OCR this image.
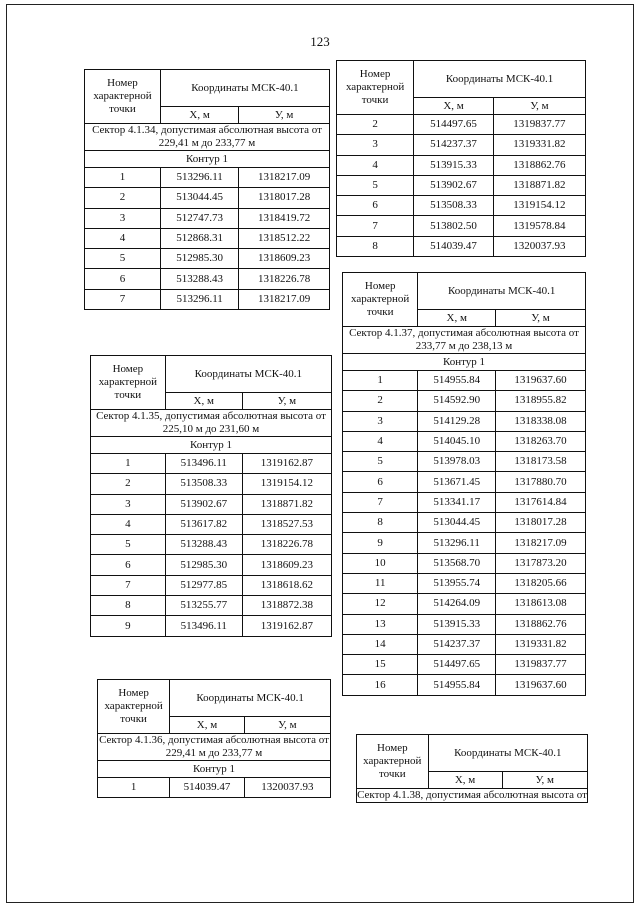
123
Номер характерной точки	Координаты МСК-40.1	
	Х, м	У, м
Сектор 4.1.34, допустимая абсолютная высота от 229,41 м до 233,77 м		
Контур 1		
1	513296.11	1318217.09
2	513044.45	1318017.28
3	512747.73	1318419.72
4	512868.31	1318512.22
5	512985.30	1318609.23
6	513288.43	1318226.78
7	513296.11	1318217.09
Номер характерной точки	Координаты МСК-40.1	
	Х, м	У, м
2	514497.65	1319837.77
3	514237.37	1319331.82
4	513915.33	1318862.76
5	513902.67	1318871.82
6	513508.33	1319154.12
7	513802.50	1319578.84
8	514039.47	1320037.93
Номер характерной точки	Координаты МСК-40.1	
	Х, м	У, м
Сектор 4.1.35, допустимая абсолютная высота от 225,10 м до 231,60 м		
Контур 1		
1	513496.11	1319162.87
2	513508.33	1319154.12
3	513902.67	1318871.82
4	513617.82	1318527.53
5	513288.43	1318226.78
6	512985.30	1318609.23
7	512977.85	1318618.62
8	513255.77	1318872.38
9	513496.11	1319162.87
Номер характерной точки	Координаты МСК-40.1	
	Х, м	У, м
Сектор 4.1.37, допустимая абсолютная высота от 233,77 м до 238,13 м		
Контур 1		
1	514955.84	1319637.60
2	514592.90	1318955.82
3	514129.28	1318338.08
4	514045.10	1318263.70
5	513978.03	1318173.58
6	513671.45	1317880.70
7	513341.17	1317614.84
8	513044.45	1318017.28
9	513296.11	1318217.09
10	513568.70	1317873.20
11	513955.74	1318205.66
12	514264.09	1318613.08
13	513915.33	1318862.76
14	514237.37	1319331.82
15	514497.65	1319837.77
16	514955.84	1319637.60
Номер характерной точки	Координаты МСК-40.1	
	Х, м	У, м
Сектор 4.1.36, допустимая абсолютная высота от 229,41 м до 233,77 м		
Контур 1		
1	514039.47	1320037.93
Номер характерной точки	Координаты МСК-40.1	
	Х, м	У, м
Сектор 4.1.38, допустимая абсолютная высота от		
